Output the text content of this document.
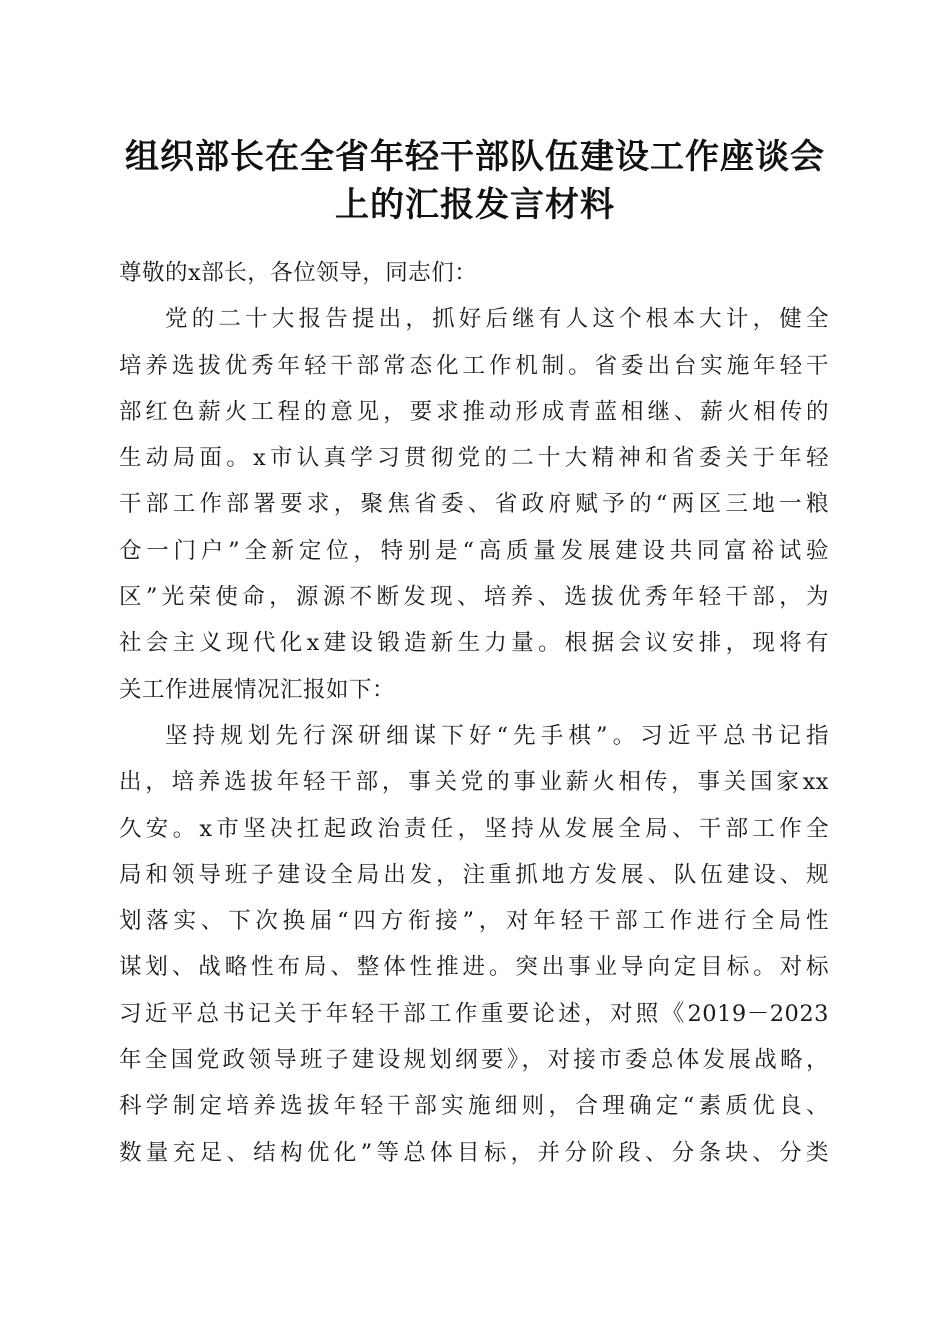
组织部长在全省年轻干部队伍建设工作座谈会
上的汇报发言材料
尊敬的x部长，各位领导，同志们：
党的二十大报告提出，抓好后继有人这个根本大计，健全
培养选拔优秀年轻干部常态化工作机制。省委出台实施年轻干
部红色薪火工程的意见，要求推动形成青蓝相继、薪火相传的
生动局面。x市认真学习贯彻党的二十大精神和省委关于年轻
干部工作部署要求，聚焦省委、省政府赋予的“两区三地一粮
仓一门户”全新定位，特别是“高质量发展建设共同富裕试验
区”光荣使命，源源不断发现、培养、选拔优秀年轻干部，为
社会主义现代化x建设锻造新生力量。根据会议安排，现将有
关工作进展情况汇报如下：
坚持规划先行深研细谋下好“先手棋”。习近平总书记指
出，培养选拔年轻干部，事关党的事业薪火相传，事关国家xx
久安。x市坚决扛起政治责任，坚持从发展全局、干部工作全
局和领导班子建设全局出发，注重抓地方发展、队伍建设、规
划落实、下次换届“四方衔接”，对年轻干部工作进行全局性
谋划、战略性布局、整体性推进。突出事业导向定目标。对标
习近平总书记关于年轻干部工作重要论述，对照《2019－2023
年全国党政领导班子建设规划纲要》，对接市委总体发展战略，
科学制定培养选拔年轻干部实施细则，合理确定“素质优良、
数量充足、结构优化”等总体目标，并分阶段、分条块、分类
